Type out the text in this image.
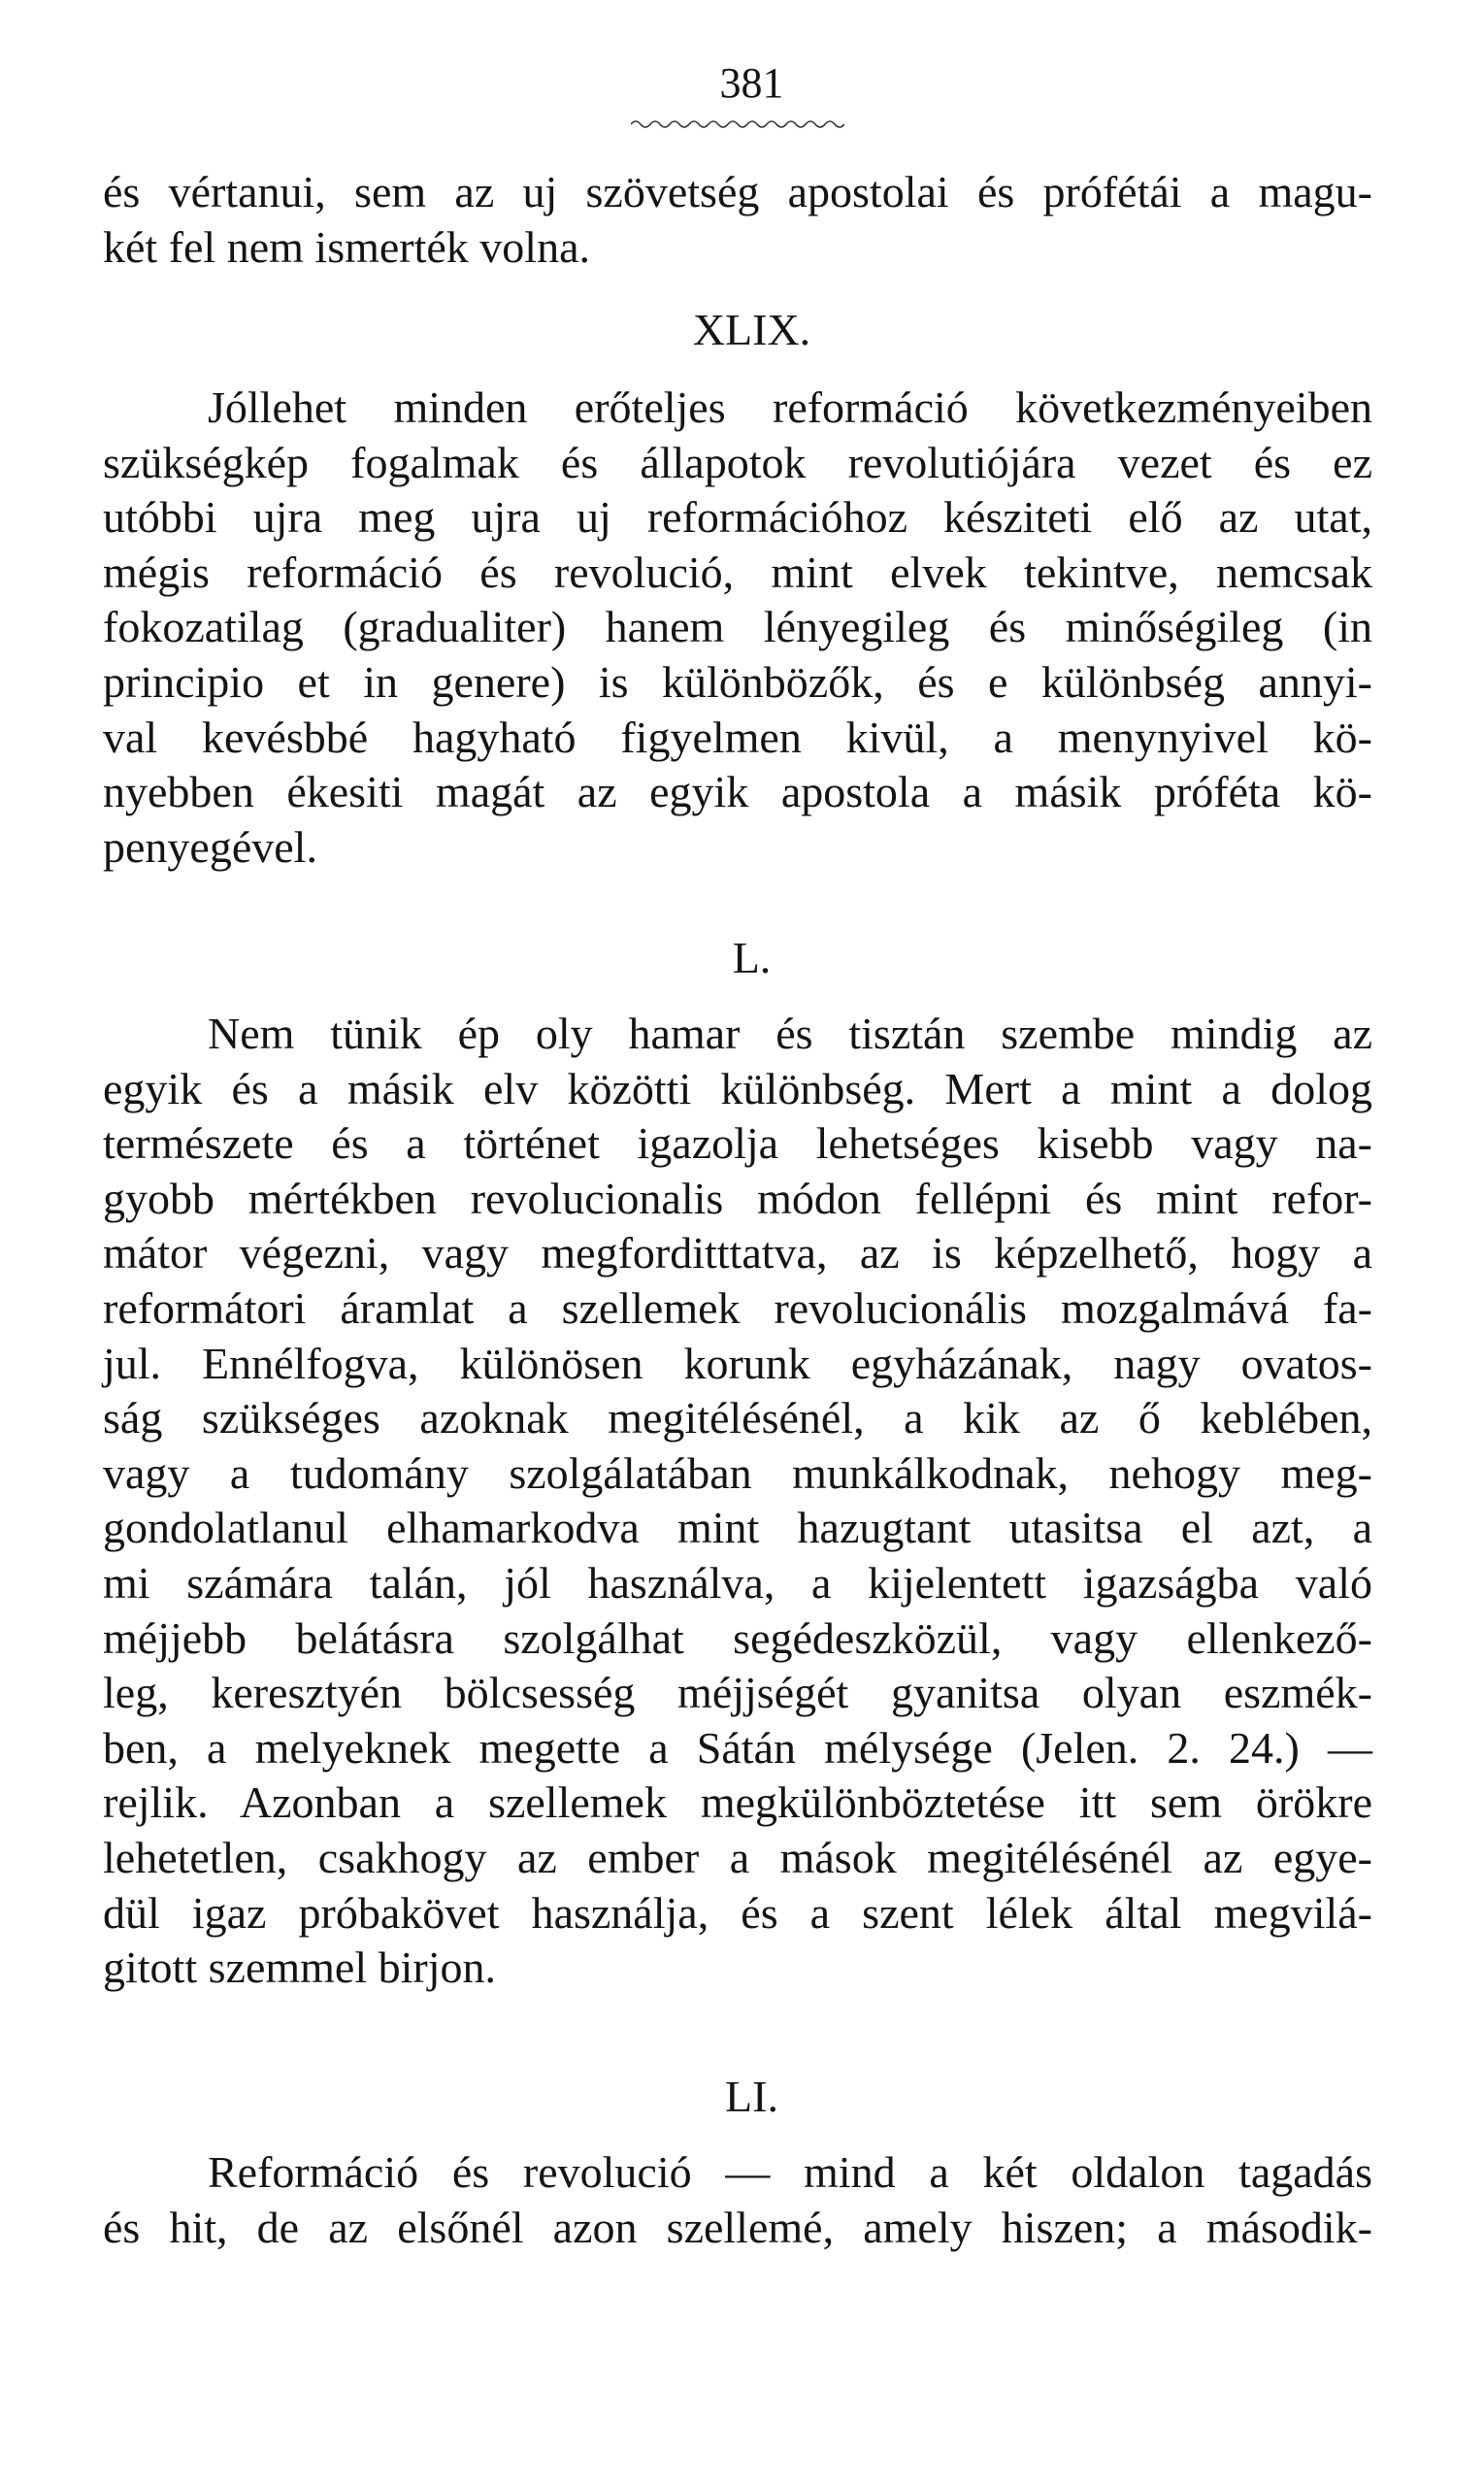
381
és vértanui, sem az uj szövetség apostolai és prófétái a magu-
két fel nem ismerték volna.
XLIX.
Jóllehet minden erőteljes reformáció következményeiben
szükségkép fogalmak és állapotok revolutiójára vezet és ez
utóbbi ujra meg ujra uj reformációhoz késziteti elő az utat,
mégis reformáció és revolució, mint elvek tekintve, nemcsak
fokozatilag (gradualiter) hanem lényegileg és minőségileg (in
principio et in genere) is különbözők, és e különbség annyi-
val kevésbbé hagyható figyelmen kivül, a menynyivel kö-
nyebben ékesiti magát az egyik apostola a másik próféta kö-
penyegével.
L.
Nem tünik ép oly hamar és tisztán szembe mindig az
egyik és a másik elv közötti különbség. Mert a mint a dolog
természete és a történet igazolja lehetséges kisebb vagy na-
gyobb mértékben revolucionalis módon fellépni és mint refor-
mátor végezni, vagy megforditttatva, az is képzelhető, hogy a
reformátori áramlat a szellemek revolucionális mozgalmává fa-
jul. Ennélfogva, különösen korunk egyházának, nagy ovatos-
ság szükséges azoknak megitélésénél, a kik az ő keblében,
vagy a tudomány szolgálatában munkálkodnak, nehogy meg-
gondolatlanul elhamarkodva mint hazugtant utasitsa el azt, a
mi számára talán, jól használva, a kijelentett igazságba való
méjjebb belátásra szolgálhat segédeszközül, vagy ellenkező-
leg, keresztyén bölcsesség méjjségét gyanitsa olyan eszmék-
ben, a melyeknek megette a Sátán mélysége (Jelen. 2. 24.) —
rejlik. Azonban a szellemek megkülönböztetése itt sem örökre
lehetetlen, csakhogy az ember a mások megitélésénél az egye-
dül igaz próbakövet használja, és a szent lélek által megvilá-
gitott szemmel birjon.
LI.
Reformáció és revolució — mind a két oldalon tagadás
és hit, de az elsőnél azon szellemé, amely hiszen; a második-
